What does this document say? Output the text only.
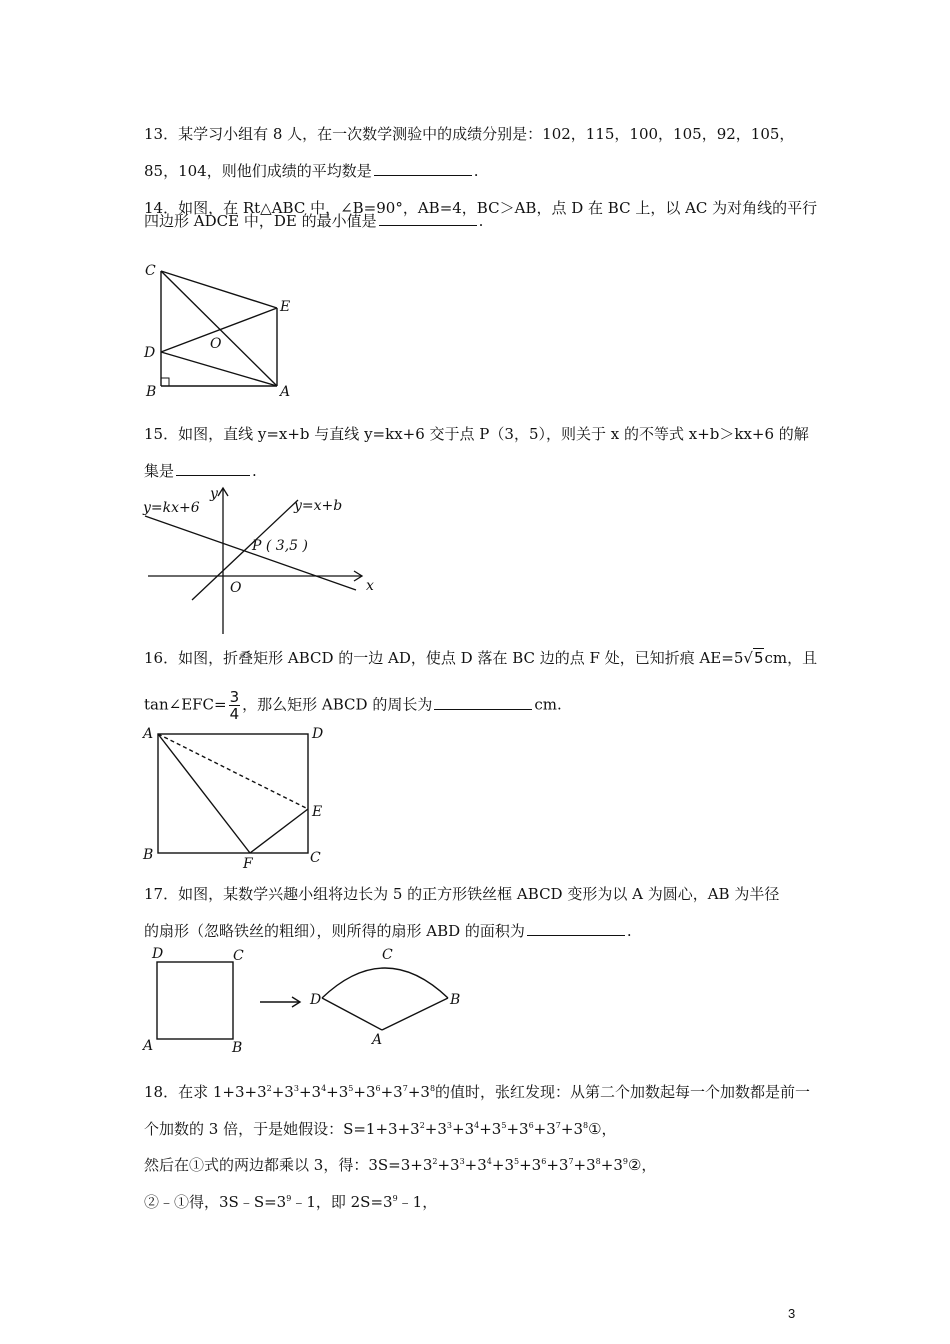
13．某学习小组有 8 人，在一次数学测验中的成绩分别是：102，115，100，105，92，105，
85，104，则他们成绩的平均数是	.
14．如图，在 Rt△ABC 中，∠B=90°，AB=4，BC＞AB，点 D 在 BC 上，以 AC 为对角线的平行
四边形 ADCE 中，DE 的最小值是	.
C
E
O
D
B	A
15．如图，直线 y=x+b 与直线 y=kx+6 交于点 P（3，5），则关于 x 的不等式 x+b＞kx+6 的解
集是	.
y
x
O
y=kx+6	y=x+b
P ( 3,5 )
16．如图，折叠矩形 ABCD 的一边 AD，使点 D 落在 BC 边的点 F 处，已知折痕 AE=5√5cm，且
tan∠EFC= $\frac{3}{4}$ ，那么矩形 ABCD 的周长为	cm.
A	D
E
B
F	C
17．如图，某数学兴趣小组将边长为 5 的正方形铁丝框 ABCD 变形为以 A 为圆心，AB 为半径
的扇形（忽略铁丝的粗细），则所得的扇形 ABD 的面积为	.
D	C
A	B
D
C
B
A
18．在求 $1+3+3^2+3^3+3^4+3^5+3^6+3^7+3^8$的值时，张红发现：从第二个加数起每一个加数都是前一
个加数的 3 倍，于是她假设：$S=1+3+3^2+3^3+3^4+3^5+3^6+3^7+3^8①$，
然后在①式的两边都乘以 3，得：$3S=3+3^2+3^3+3^4+3^5+3^6+3^7+3^8+3^9②$，
②﹣①得，$3S﹣S=3^9﹣1$，即 $2S=3^9﹣1$，
3
